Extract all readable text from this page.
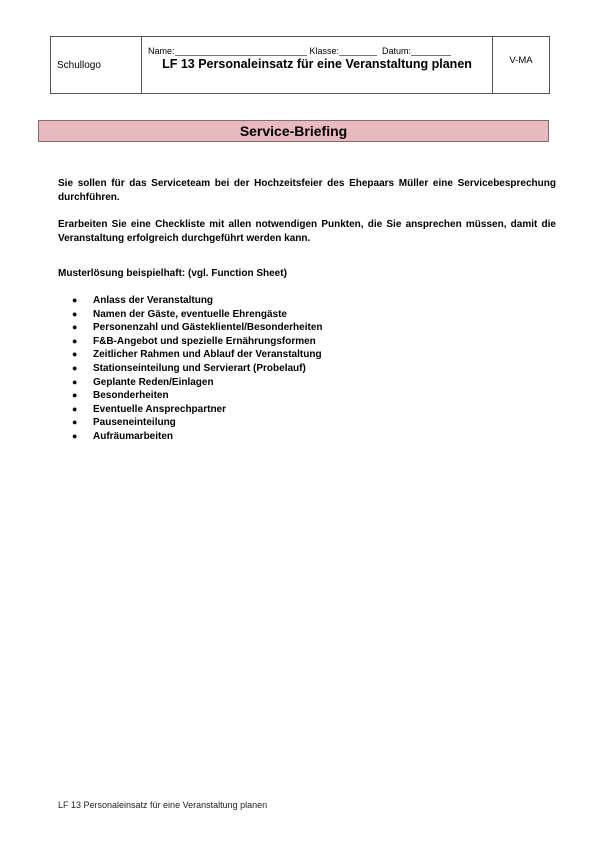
Schullogo
Name:	Klasse:	Datum:
LF 13 Personaleinsatz für eine Veranstaltung planen	V-MA
Service-Briefing
Sie sollen für das Serviceteam bei der Hochzeitsfeier des Ehepaars Müller eine Servicebesprechung durchführen.
Erarbeiten Sie eine Checkliste mit allen notwendigen Punkten, die Sie ansprechen müssen, damit die Veranstaltung erfolgreich durchgeführt werden kann.
Musterlösung beispielhaft: (vgl. Function Sheet)
●	Anlass der Veranstaltung
●	Namen der Gäste, eventuelle Ehrengäste
●	Personenzahl und Gästeklientel/Besonderheiten
●	F&B-Angebot und spezielle Ernährungsformen
●	Zeitlicher Rahmen und Ablauf der Veranstaltung
●	Stationseinteilung und Servierart (Probelauf)
●	Geplante Reden/Einlagen
●	Besonderheiten
●	Eventuelle Ansprechpartner
●	Pauseneinteilung
●	Aufräumarbeiten
LF 13 Personaleinsatz für eine Veranstaltung planen
